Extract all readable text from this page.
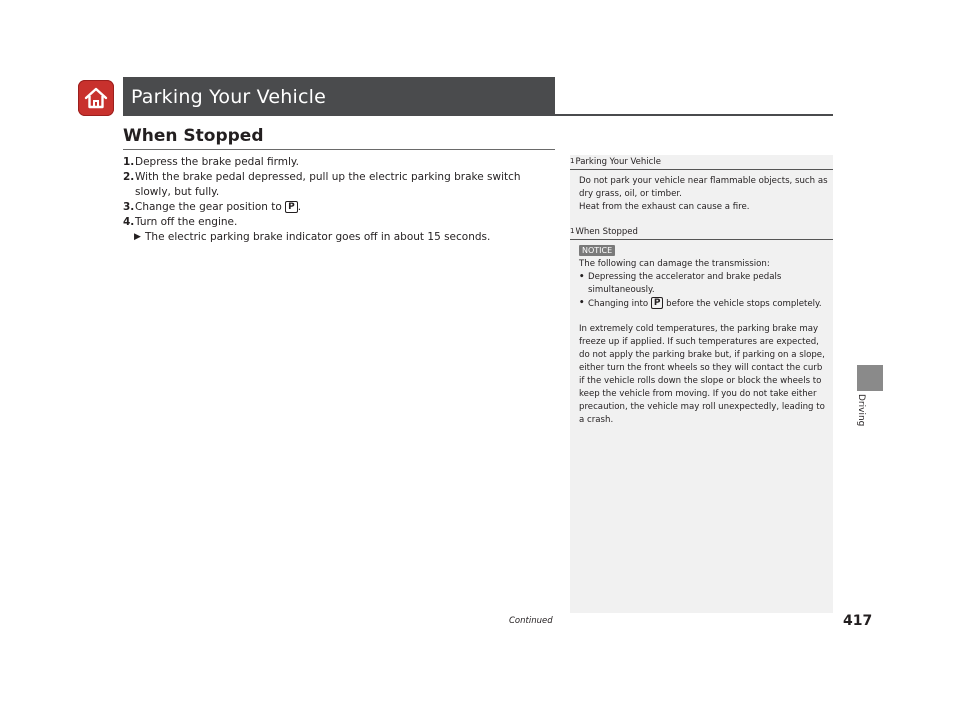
Parking Your Vehicle
When Stopped
1. Depress the brake pedal firmly.
2. With the brake pedal depressed, pull up the electric parking brake switch slowly, but fully.
3. Change the gear position to P .
4. Turn off the engine.
▶ The electric parking brake indicator goes off in about 15 seconds.
1Parking Your Vehicle
Do not park your vehicle near flammable objects, such as dry grass, oil, or timber.
Heat from the exhaust can cause a fire.
1When Stopped
NOTICE
The following can damage the transmission:
• Depressing the accelerator and brake pedals simultaneously.
• Changing into P before the vehicle stops completely.
In extremely cold temperatures, the parking brake may freeze up if applied. If such temperatures are expected, do not apply the parking brake but, if parking on a slope, either turn the front wheels so they will contact the curb if the vehicle rolls down the slope or block the wheels to keep the vehicle from moving. If you do not take either precaution, the vehicle may roll unexpectedly, leading to a crash.	Driving
Continued	417
